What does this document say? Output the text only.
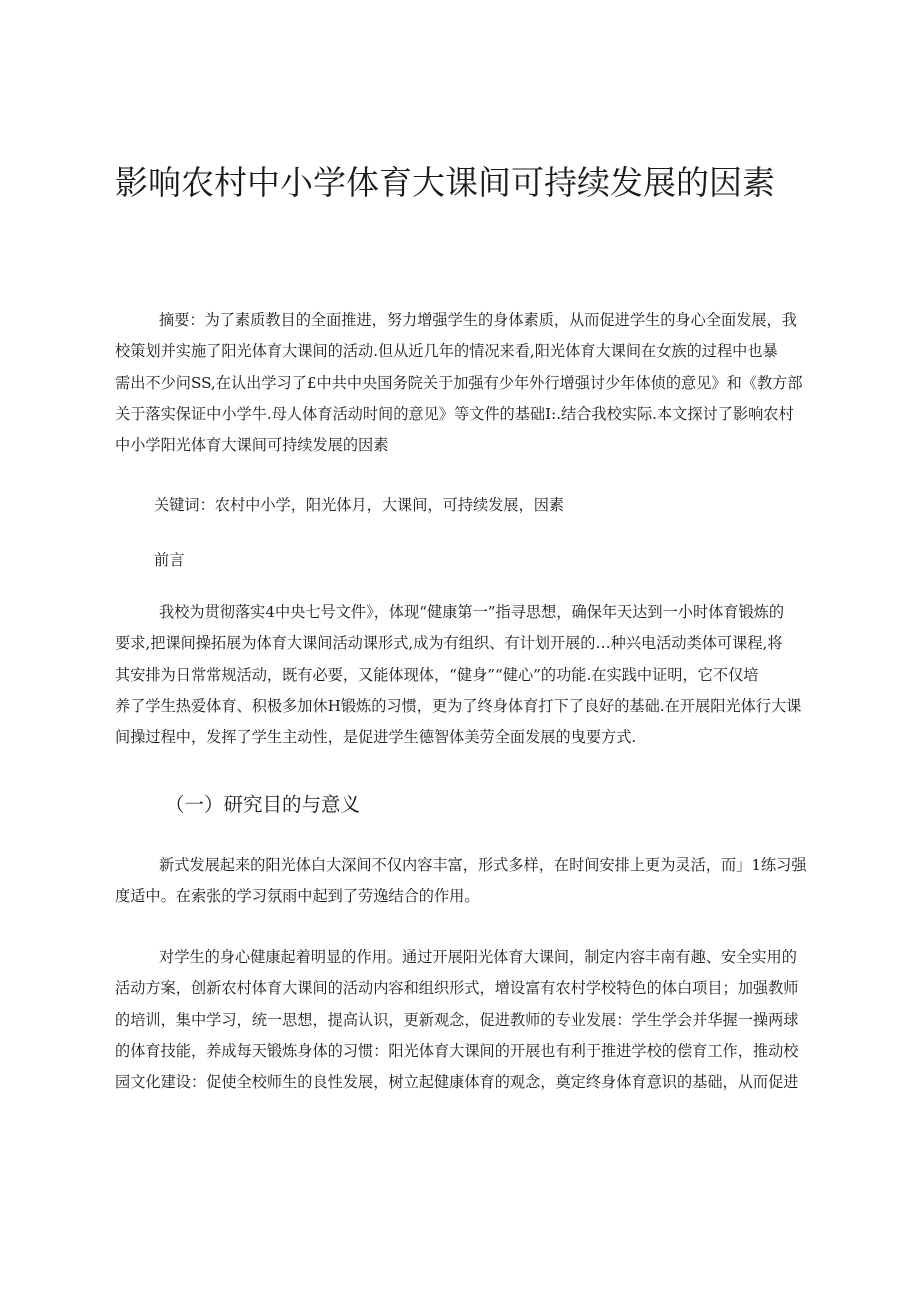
影响农村中小学体育大课间可持续发展的因素
摘要：为了素质教目的全面推进，努力增强学生的身体素质，从而促进学生的身心全面发展，我
校策划并实施了阳光体育大课间的活动.但从近几年的情况来看,阳光体育大课间在女族的过程中也暴
需出不少问SS,在认出学习了£中共中央国务院关于加强有少年外行增强讨少年体侦的意见》和《教方部
关于落实保证中小学牛.母人体育活动时间的意见》等文件的基础Ⅰ:.结合我校实际.本文探讨了影响农村
中小学阳光体育大课间可持续发展的因素
关键词：农村中小学，阳光体月，大课间，可持续发展，因素
前言
我校为贯彻落实4中央七号文件》，体现“健康第一”指寻思想，确保年天达到一小时体育锻炼的
要求,把课间操拓展为体育大课间活动课形式,成为有组织、有计划开展的…种兴电活动类体可课程,将
其安排为日常常规活动，既有必要，又能体现体，“健身”“健心”的功能.在实践中证明，它不仅培
养了学生热爱体育、积极多加休H锻炼的习惯，更为了终身体育打下了良好的基础.在开展阳光体行大课
间操过程中，发挥了学生主动性，是促进学生德智体美劳全面发展的曳要方式.
（一）研究目的与意义
新式发展起来的阳光体白大深间不仅内容丰富，形式多样，在时间安排上更为灵活，而」1练习强
度适中。在索张的学习氛雨中起到了劳逸结合的作用。
对学生的身心健康起着明显的作用。通过开展阳光体育大课间，制定内容丰南有趣、安全实用的
活动方案，创新农村体育大课间的活动内容和组织形式，增设富有农村学校特色的体白项目；加强教师
的培训，集中学习，统一思想，提高认识，更新观念，促进教师的专业发展：学生学会并华握一操两球
的体育技能，养成每天锻炼身体的习惯：阳光体育大课间的开展也有利于推进学校的偿育工作，推动校
园文化建设：促使全校师生的良性发展，树立起健康体育的观念，奠定终身体育意识的基础，从而促进
